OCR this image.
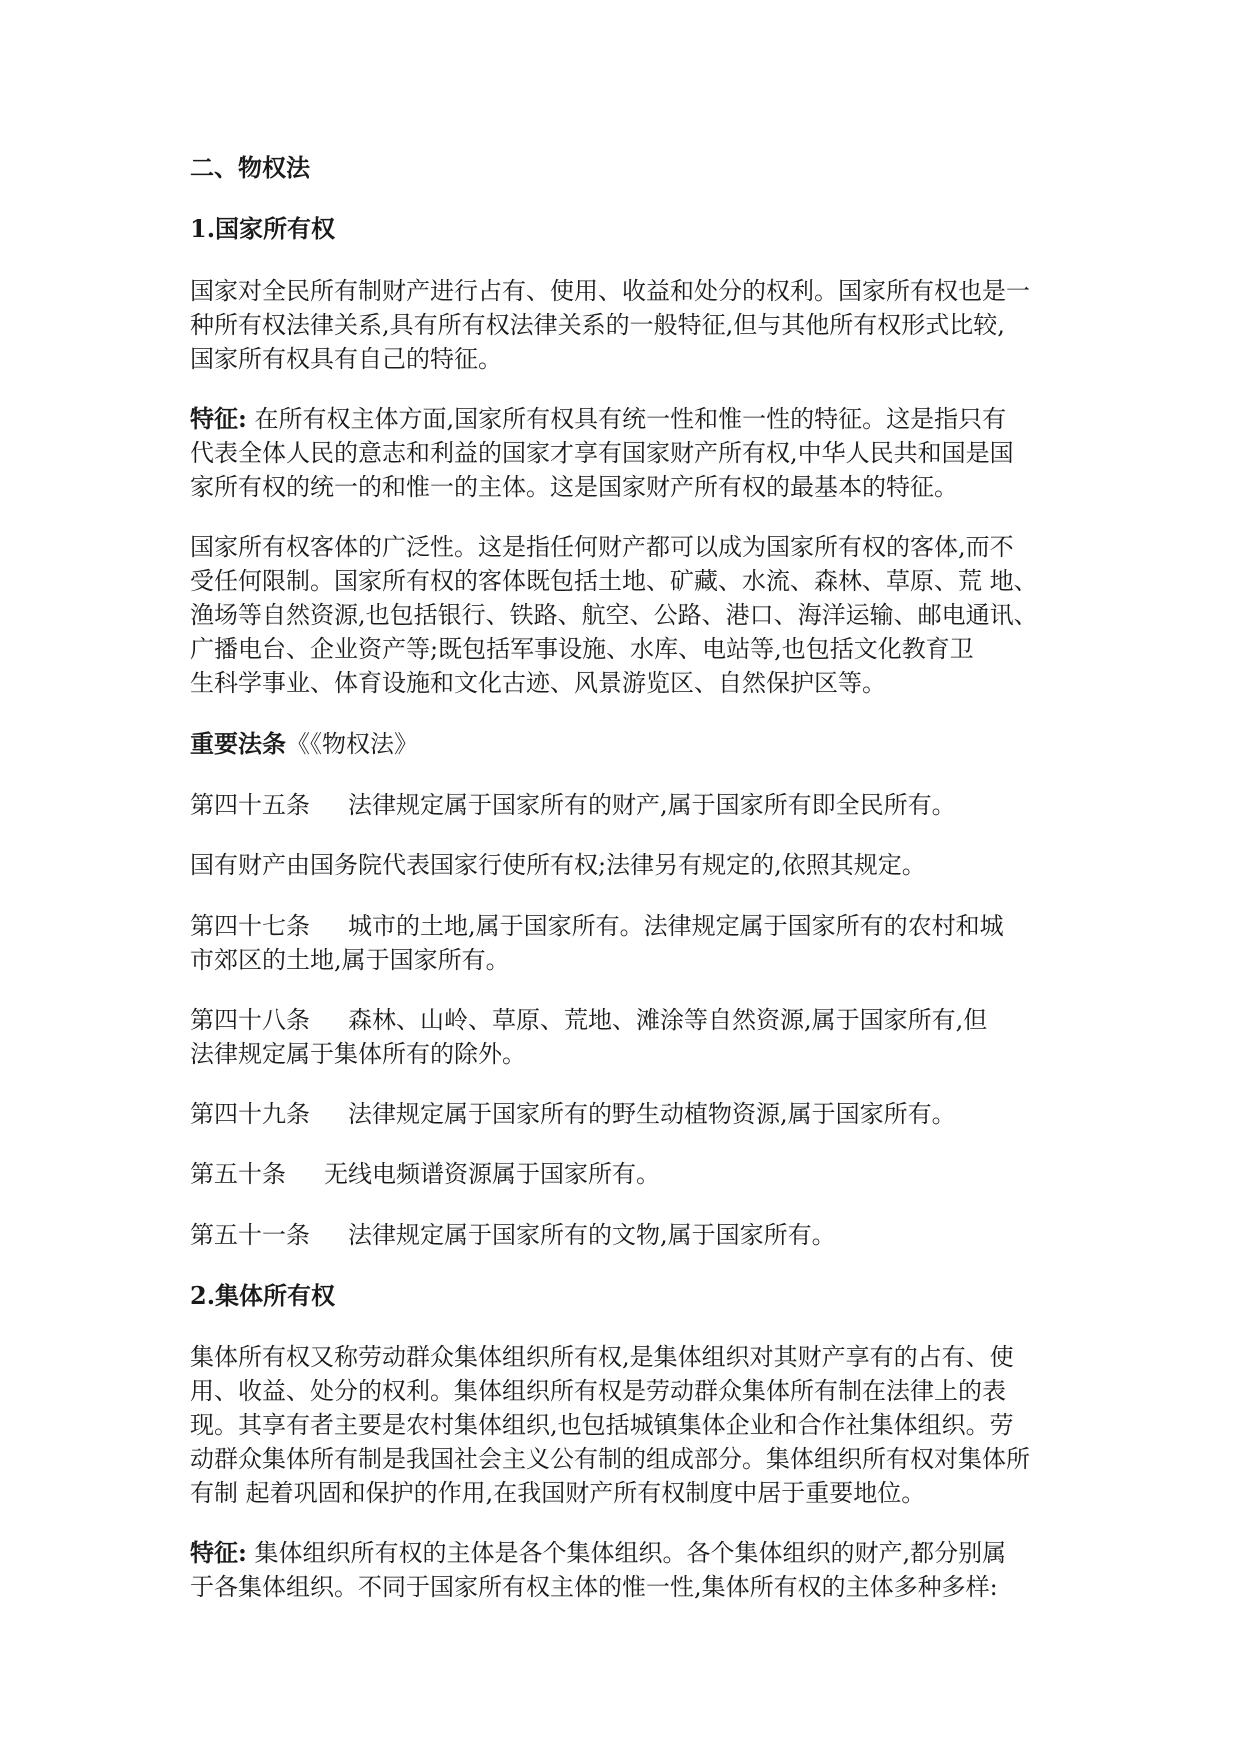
二、物权法
1.国家所有权
国家对全民所有制财产进行占有、使用、收益和处分的权利。国家所有权也是一
种所有权法律关系,具有所有权法律关系的一般特征,但与其他所有权形式比较,
国家所有权具有自己的特征。
特征: 在所有权主体方面,国家所有权具有统一性和惟一性的特征。这是指只有
代表全体人民的意志和利益的国家才享有国家财产所有权,中华人民共和国是国
家所有权的统一的和惟一的主体。这是国家财产所有权的最基本的特征。
国家所有权客体的广泛性。这是指任何财产都可以成为国家所有权的客体,而不
受任何限制。国家所有权的客体既包括土地、矿藏、水流、森林、草原、荒 地、
渔场等自然资源,也包括银行、铁路、航空、公路、港口、海洋运输、邮电通讯、
广播电台、企业资产等;既包括军事设施、水库、电站等,也包括文化教育卫
生科学事业、体育设施和文化古迹、风景游览区、自然保护区等。
重要法条《《物权法》
第四十五条 法律规定属于国家所有的财产,属于国家所有即全民所有。
国有财产由国务院代表国家行使所有权;法律另有规定的,依照其规定。
第四十七条 城市的土地,属于国家所有。法律规定属于国家所有的农村和城
市郊区的土地,属于国家所有。
第四十八条 森林、山岭、草原、荒地、滩涂等自然资源,属于国家所有,但
法律规定属于集体所有的除外。
第四十九条 法律规定属于国家所有的野生动植物资源,属于国家所有。
第五十条 无线电频谱资源属于国家所有。
第五十一条 法律规定属于国家所有的文物,属于国家所有。
2.集体所有权
集体所有权又称劳动群众集体组织所有权,是集体组织对其财产享有的占有、使
用、收益、处分的权利。集体组织所有权是劳动群众集体所有制在法律上的表
现。其享有者主要是农村集体组织,也包括城镇集体企业和合作社集体组织。劳
动群众集体所有制是我国社会主义公有制的组成部分。集体组织所有权对集体所
有制 起着巩固和保护的作用,在我国财产所有权制度中居于重要地位。
特征: 集体组织所有权的主体是各个集体组织。各个集体组织的财产,都分别属
于各集体组织。不同于国家所有权主体的惟一性,集体所有权的主体多种多样:
